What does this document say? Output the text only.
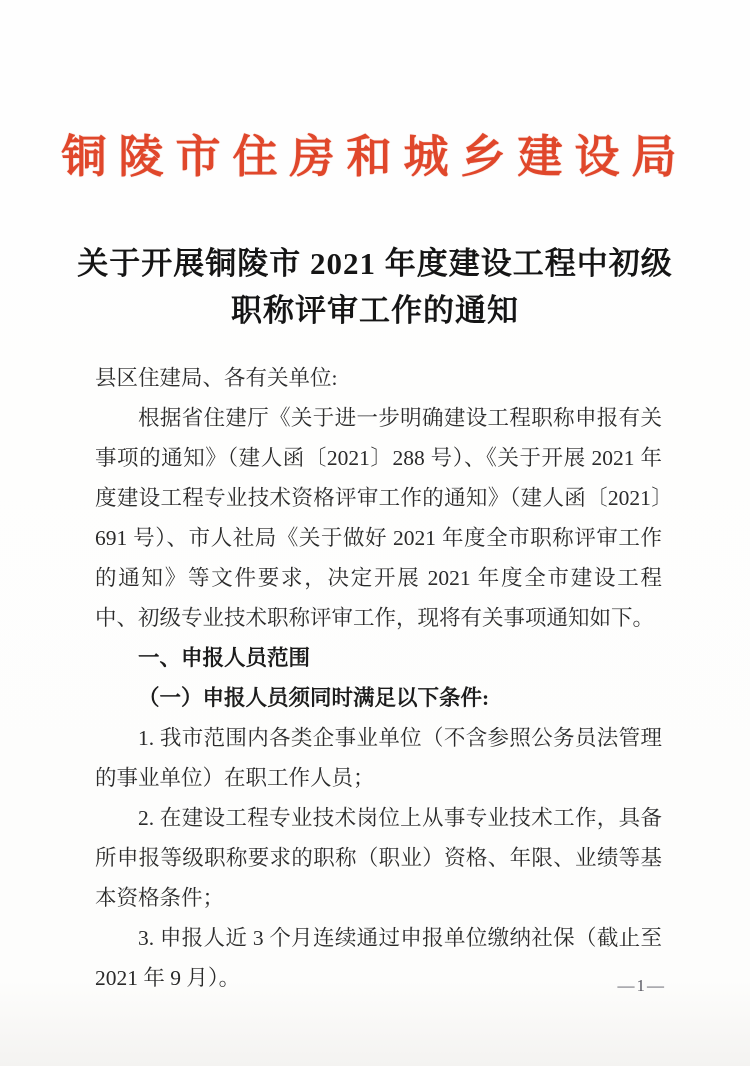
铜陵市住房和城乡建设局
关于开展铜陵市 2021 年度建设工程中初级
职称评审工作的通知

县区住建局、各有关单位:

根据省住建厅《关于进一步明确建设工程职称申报有关事项的通知》（建人函〔2021〕288 号）、《关于开展 2021 年度建设工程专业技术资格评审工作的通知》（建人函〔2021〕691 号）、市人社局《关于做好 2021 年度全市职称评审工作的通知》等文件要求，决定开展 2021 年度全市建设工程中、初级专业技术职称评审工作，现将有关事项通知如下。

一、申报人员范围

（一）申报人员须同时满足以下条件:

1. 我市范围内各类企事业单位（不含参照公务员法管理的事业单位）在职工作人员；

2. 在建设工程专业技术岗位上从事专业技术工作，具备所申报等级职称要求的职称（职业）资格、年限、业绩等基本资格条件；

3. 申报人近 3 个月连续通过申报单位缴纳社保（截止至 2021 年 9 月）。	—1—
